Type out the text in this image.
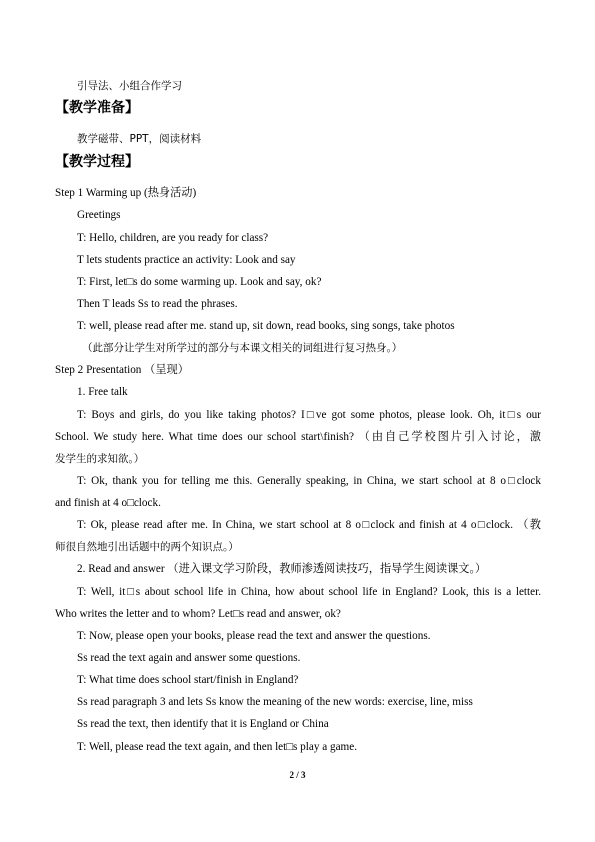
引导法、小组合作学习

【教学准备】

教学磁带、PPT，阅读材料

【教学过程】

Step 1 Warming up (热身活动)

Greetings

T: Hello, children, are you ready for class?

T lets students practice an activity: Look and say

T: First, let□s do some warming up. Look and say, ok?

Then T leads Ss to read the phrases.

T: well, please read after me. stand up, sit down, read books, sing songs, take photos

（此部分让学生对所学过的部分与本课文相关的词组进行复习热身。）

Step 2 Presentation （呈现）

1. Free talk

T: Boys and girls, do you like taking photos? I□ve got some photos, please look. Oh, it□s our

School. We study here. What time does our school start\finish? （由自己学校图片引入讨论，激

发学生的求知欲。）

T: Ok, thank you for telling me this. Generally speaking, in China, we start school at 8 o□clock

and finish at 4 o□clock.

T: Ok, please read after me. In China, we start school at 8 o□clock and finish at 4 o□clock. （教

师很自然地引出话题中的两个知识点。）

2. Read and answer （进入课文学习阶段，教师渗透阅读技巧，指导学生阅读课文。）

T: Well, it□s about school life in China, how about school life in England? Look, this is a letter.

Who writes the letter and to whom? Let□s read and answer, ok?

T: Now, please open your books, please read the text and answer the questions.

Ss read the text again and answer some questions.

T: What time does school start/finish in England?

Ss read paragraph 3 and lets Ss know the meaning of the new words: exercise, line, miss

Ss read the text, then identify that it is England or China

T: Well, please read the text again, and then let□s play a game.

2 / 3
